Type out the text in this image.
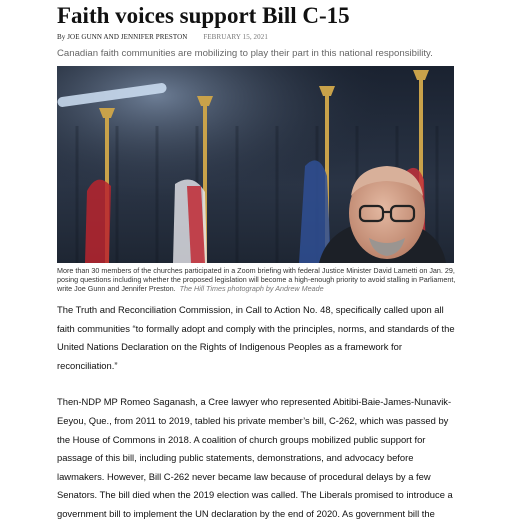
Faith voices support Bill C-15
By JOE GUNN AND JENNIFER PRESTON FEBRUARY 15, 2021
Canadian faith communities are mobilizing to play their part in this national responsibility.
More than 30 members of the churches participated in a Zoom briefing with federal Justice Minister David Lametti on Jan. 29, posing questions including whether the proposed legislation will become a high-enough priority to avoid stalling in Parliament, write Joe Gunn and Jennifer Preston. The Hill Times photograph by Andrew Meade

The Truth and Reconciliation Commission, in Call to Action No. 48, specifically called upon all faith communities “to formally adopt and comply with the principles, norms, and standards of the United Nations Declaration on the Rights of Indigenous Peoples as a framework for reconciliation.”

Then-NDP MP Romeo Saganash, a Cree lawyer who represented Abitibi-Baie-James-Nunavik-Eeyou, Que., from 2011 to 2019, tabled his private member’s bill, C-262, which was passed by the House of Commons in 2018. A coalition of church groups mobilized public support for passage of this bill, including public statements, demonstrations, and advocacy before lawmakers. However, Bill C-262 never became law because of procedural delays by a few Senators. The bill died when the 2019 election was called. The Liberals promised to introduce a government bill to implement the UN declaration by the end of 2020. As government bill the
